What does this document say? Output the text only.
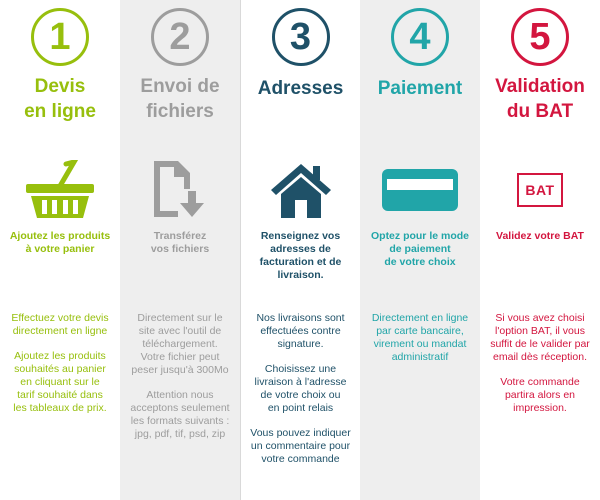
1
Devis
en ligne
Ajoutez les produits
à votre panier

Effectuez votre devis
directement en ligne

Ajoutez les produits
souhaités au panier
en cliquant sur le
tarif souhaité dans
les tableaux de prix.

2
Envoi de
fichiers
Transférez
vos fichiers

Directement sur le
site avec l'outil de
téléchargement.
Votre fichier peut
peser jusqu'à 300Mo

Attention nous
acceptons seulement
les formats suivants :
jpg, pdf, tif, psd, zip

3
Adresses
Renseignez vos
adresses de
facturation et de
livraison.

Nos livraisons sont
effectuées contre
signature.

Choisissez une
livraison à l'adresse
de votre choix ou
en point relais

Vous pouvez indiquer
un commentaire pour
votre commande

4
Paiement
Optez pour le mode
de paiement
de votre choix

Directement en ligne
par carte bancaire,
virement ou mandat
administratif

5
Validation
du BAT
BAT
Validez votre BAT

Si vous avez choisi
l'option BAT, il vous
suffit de le valider par
email dès réception.

Votre commande
partira alors en
impression.
